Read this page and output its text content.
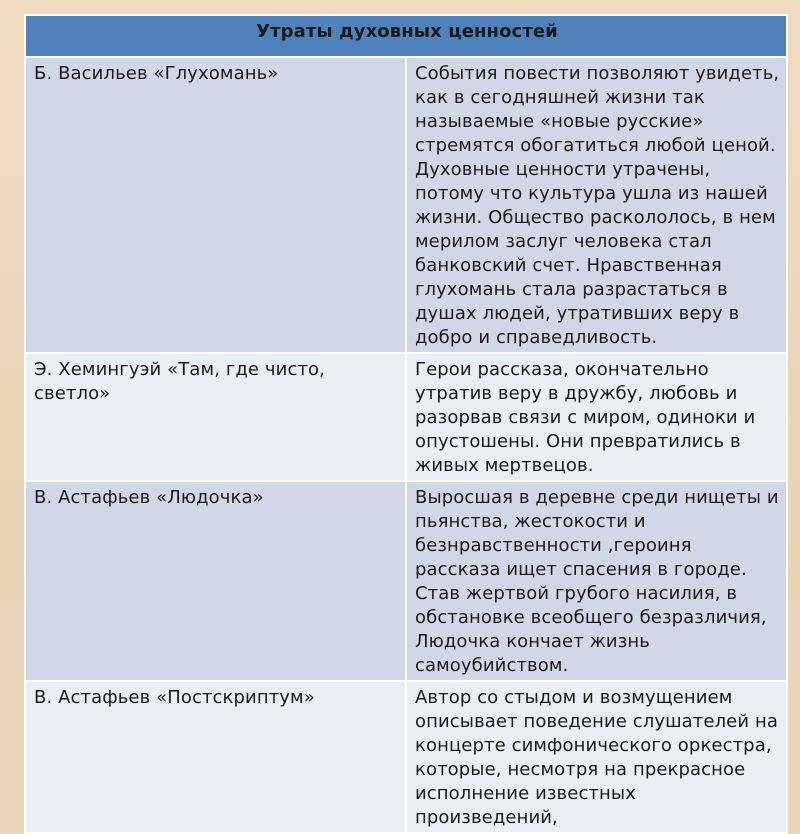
Утраты духовных ценностей	
Б. Васильев «Глухомань»	События повести позволяют увидеть, как в сегодняшней жизни так называемые «новые русские» стремятся обогатиться любой ценой. Духовные ценности утрачены, потому что культура ушла из нашей жизни. Общество раскололось, в нем мерилом заслуг человека стал банковский счет. Нравственная глухомань стала разрастаться в душах людей, утративших веру в добро и справедливость.
Э. Хемингуэй «Там, где чисто, светло»	Герои рассказа, окончательно утратив веру в дружбу, любовь и разорвав связи с миром, одиноки и опустошены. Они превратились в живых мертвецов.
В. Астафьев «Людочка»	Выросшая в деревне среди нищеты и пьянства, жестокости и безнравственности ,героиня рассказа ищет спасения в городе. Став жертвой грубого насилия, в обстановке всеобщего безразличия, Людочка кончает жизнь самоубийством.
В. Астафьев «Постскриптум»	Автор со стыдом и возмущением описывает поведение слушателей на концерте симфонического оркестра, которые, несмотря на прекрасное исполнение известных произведений,
